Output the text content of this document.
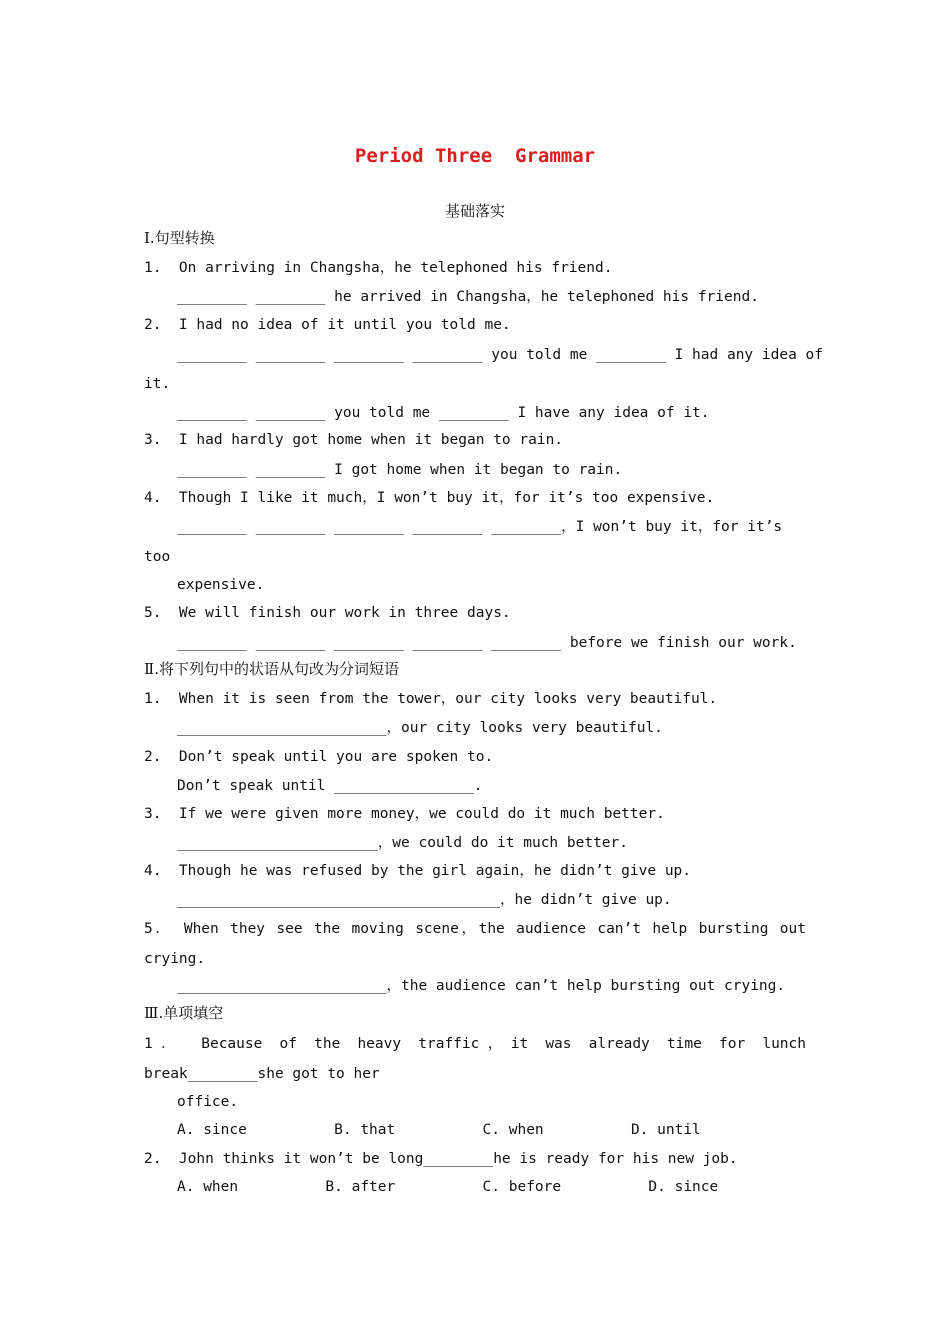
Period Three  Grammar
基础落实
Ⅰ.句型转换
1.  On arriving in Changsha，he telephoned his friend.
________ ________ he arrived in Changsha，he telephoned his friend.
2.  I had no idea of it until you told me.
________ ________ ________ ________ you told me ________ I had any idea of
it.
________ ________ you told me ________ I have any idea of it.
3.  I had hardly got home when it began to rain.
________ ________ I got home when it began to rain.
4.  Though I like it much，I won’t buy it，for it’s too expensive.
________ ________ ________ ________ ________，I won’t buy it，for it’s
too
expensive.
5.  We will finish our work in three days.
________ ________ ________ ________ ________ before we finish our work.
Ⅱ.将下列句中的状语从句改为分词短语
1.  When it is seen from the tower，our city looks very beautiful.
________________________，our city looks very beautiful.
2.  Don’t speak until you are spoken to.
Don’t speak until ________________.
3.  If we were given more money，we could do it much better.
_______________________，we could do it much better.
4.  Though he was refused by the girl again，he didn’t give up.
_____________________________________，he didn’t give up.
5． When they see the moving scene，the audience can’t help bursting out
crying.
________________________，the audience can’t help bursting out crying.
Ⅲ.单项填空
1． Because of the heavy traffic，it was already time for lunch
break________she got to her
office.
A. since          B. that          C. when          D. until
2.  John thinks it won’t be long________he is ready for his new job.
A. when          B. after          C. before          D. since
